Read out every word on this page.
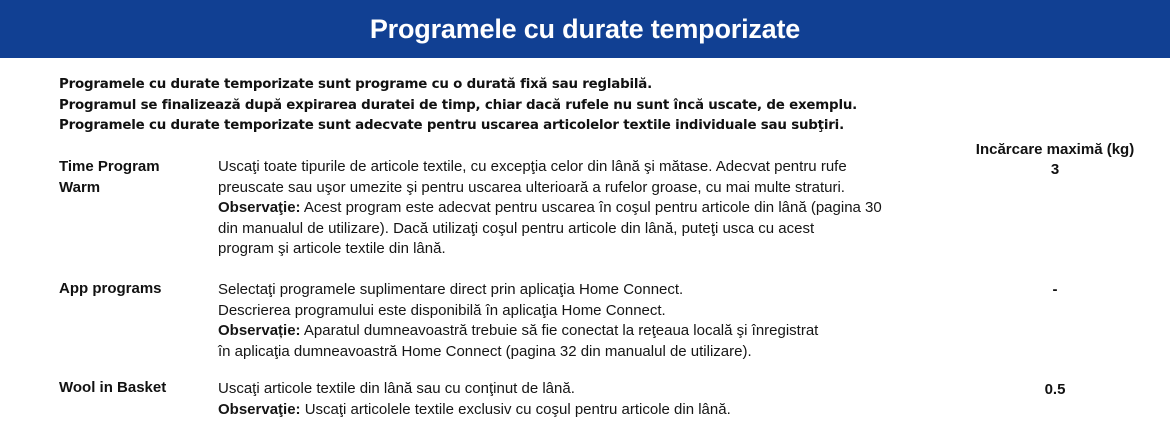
Programele cu durate temporizate
Programele cu durate temporizate sunt programe cu o durată fixă sau reglabilă.
Programul se finalizează după expirarea duratei de timp, chiar dacă rufele nu sunt încă uscate, de exemplu.
Programele cu durate temporizate sunt adecvate pentru uscarea articolelor textile individuale sau subţiri.
Incărcare maximă (kg)
Time Program
Warm
Uscaţi toate tipurile de articole textile, cu excepţia celor din lână şi mătase. Adecvat pentru rufe
preuscate sau uşor umezite şi pentru uscarea ulterioară a rufelor groase, cu mai multe straturi.
Observaţie: Acest program este adecvat pentru uscarea în coşul pentru articole din lână (pagina 30
din manualul de utilizare). Dacă utilizaţi coşul pentru articole din lână, puteţi usca cu acest
program şi articole textile din lână.
3
App programs	Selectaţi programele suplimentare direct prin aplicaţia Home Connect.
Descrierea programului este disponibilă în aplicaţia Home Connect.
Observație: Aparatul dumneavoastră trebuie să fie conectat la reţeaua locală şi înregistrat
în aplicaţia dumneavoastră Home Connect (pagina 32 din manualul de utilizare).
-
Wool in Basket	Uscaţi articole textile din lână sau cu conţinut de lână.
Observaţie: Uscaţi articolele textile exclusiv cu coşul pentru articole din lână.
0.5
